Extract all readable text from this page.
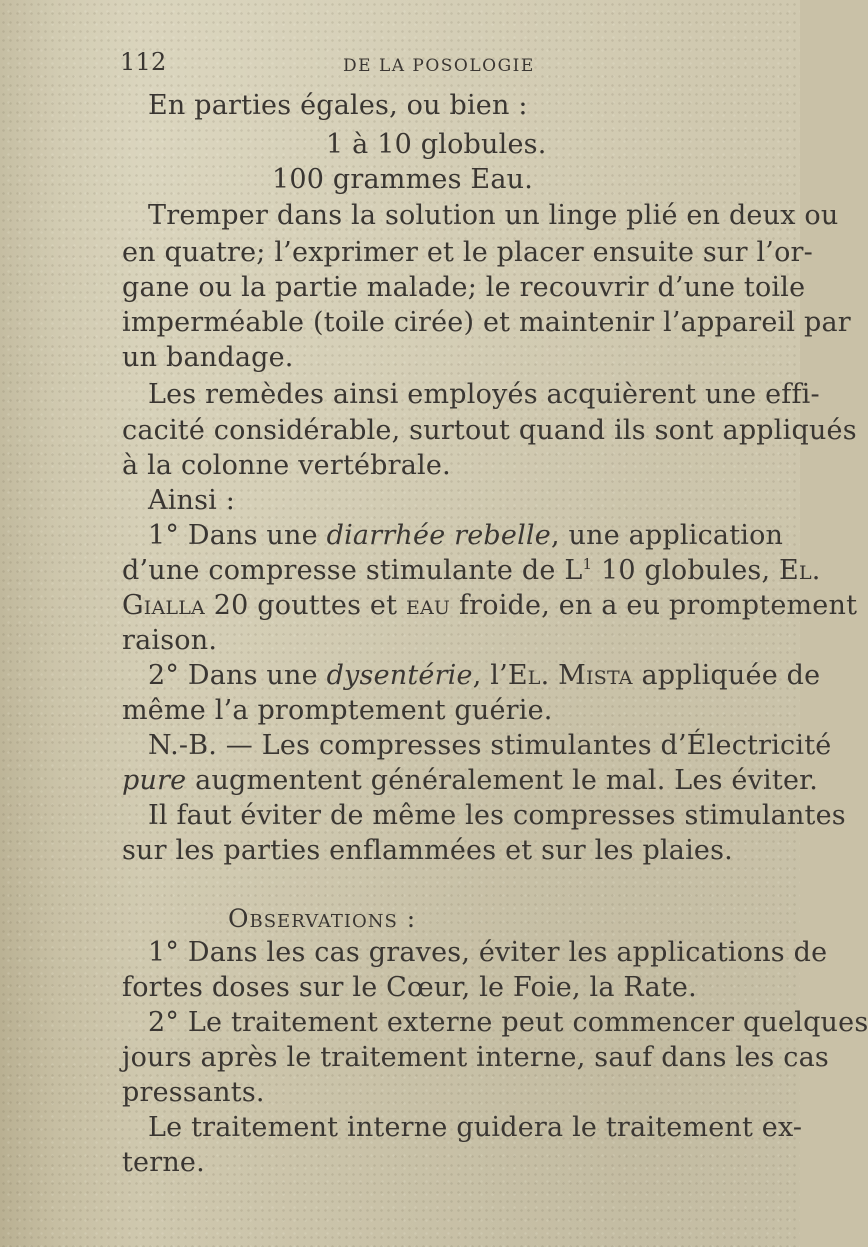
112	DE LA POSOLOGIE
En parties égales, ou bien :
1 à 10 globules.
100 grammes Eau.
Tremper dans la solution un linge plié en deux ou
en quatre; l’exprimer et le placer ensuite sur l’or-
gane ou la partie malade; le recouvrir d’une toile
imperméable (toile cirée) et maintenir l’appareil par
un bandage.
Les remèdes ainsi employés acquièrent une effi-
cacité considérable, surtout quand ils sont appliqués
à la colonne vertébrale.
Ainsi :
1° Dans une diarrhée rebelle, une application
d’une compresse stimulante de $L^1$ 10 globules, El.
Gialla 20 gouttes et eau froide, en a eu promptement
raison.
2° Dans une dysentérie, l’El. Mista appliquée de
même l’a promptement guérie.
N.-B. — Les compresses stimulantes d’Électricité
pure augmentent généralement le mal. Les éviter.
Il faut éviter de même les compresses stimulantes
sur les parties enflammées et sur les plaies.
Observations :
1° Dans les cas graves, éviter les applications de
fortes doses sur le Cœur, le Foie, la Rate.
2° Le traitement externe peut commencer quelques
jours après le traitement interne, sauf dans les cas
pressants.
Le traitement interne guidera le traitement ex-
terne.
